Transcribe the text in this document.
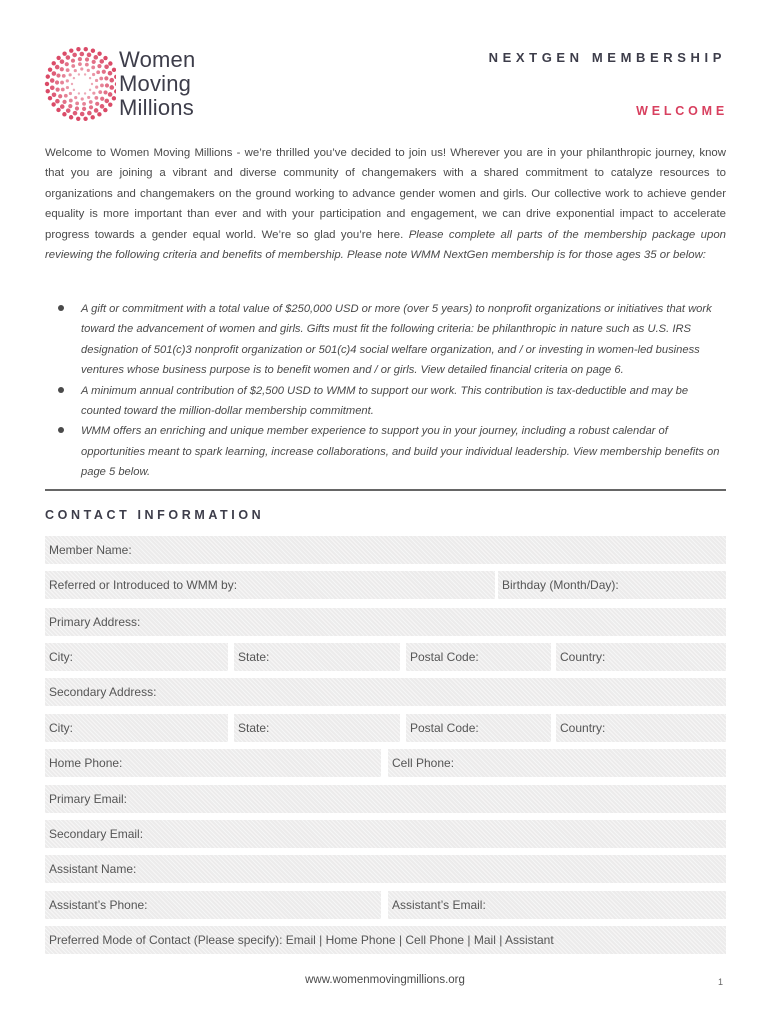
Women
Moving
Millions
NEXTGEN MEMBERSHIP
WELCOME
Welcome to Women Moving Millions - we’re thrilled you’ve decided to join us! Wherever you are in your philanthropic journey, know that you are joining a vibrant and diverse community of changemakers with a shared commitment to catalyze resources to organizations and changemakers on the ground working to advance gender women and girls. Our collective work to achieve gender equality is more important than ever and with your participation and engagement, we can drive exponential impact to accelerate progress towards a gender equal world. We’re so glad you’re here. Please complete all parts of the membership package upon reviewing the following criteria and benefits of membership. Please note WMM NextGen membership is for those ages 35 or below:
A gift or commitment with a total value of $250,000 USD or more (over 5 years) to nonprofit organizations or initiatives that work toward the advancement of women and girls. Gifts must fit the following criteria: be philanthropic in nature such as U.S. IRS designation of 501(c)3 nonprofit organization or 501(c)4 social welfare organization, and / or investing in women-led business ventures whose business purpose is to benefit women and / or girls. View detailed financial criteria on page 6.
A minimum annual contribution of $2,500 USD to WMM to support our work. This contribution is tax-deductible and may be counted toward the million-dollar membership commitment.
WMM offers an enriching and unique member experience to support you in your journey, including a robust calendar of opportunities meant to spark learning, increase collaborations, and build your individual leadership. View membership benefits on page 5 below.
CONTACT INFORMATION
Member Name:
Referred or Introduced to WMM by:	Birthday (Month/Day):
Primary Address:
City:	State:	Postal Code:	Country:
Secondary Address:
City:	State:	Postal Code:	Country:
Home Phone:	Cell Phone:
Primary Email:
Secondary Email:
Assistant Name:
Assistant’s Phone:	Assistant’s Email:
Preferred Mode of Contact (Please specify): Email | Home Phone | Cell Phone | Mail | Assistant
www.womenmovingmillions.org	1
